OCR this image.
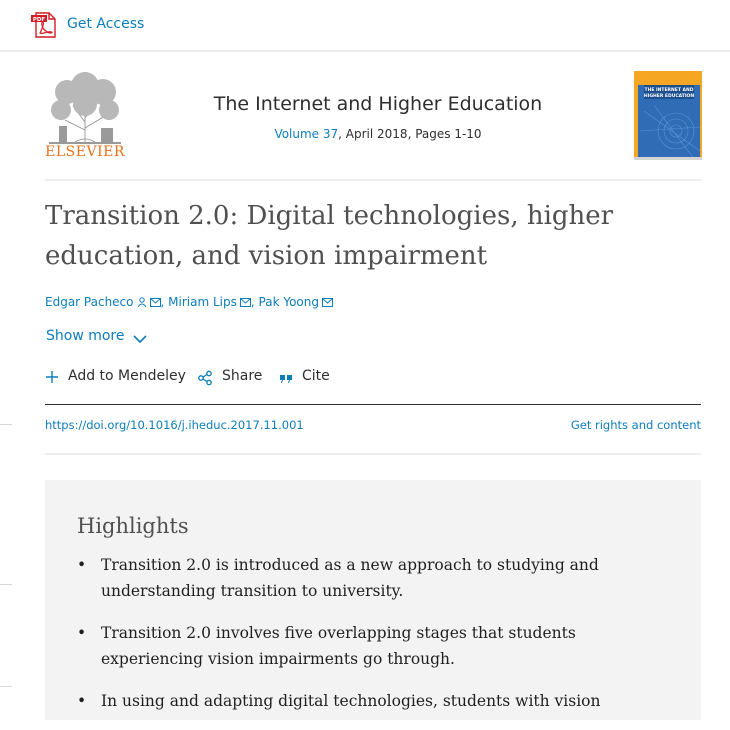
PDF Get Access
ELSEVIER
The Internet and Higher Education
Volume 37, April 2018, Pages 1-10
THE INTERNET AND
HIGHER EDUCATION
Transition 2.0: Digital technologies, higher education, and vision impairment
Edgar Pacheco , Miriam Lips , Pak Yoong
Show more
Add to Mendeley	Share	Cite
https://doi.org/10.1016/j.iheduc.2017.11.001	Get rights and content
Highlights
• Transition 2.0 is introduced as a new approach to studying and
understanding transition to university.
• Transition 2.0 involves five overlapping stages that students
experiencing vision impairments go through.
• In using and adapting digital technologies, students with vision
